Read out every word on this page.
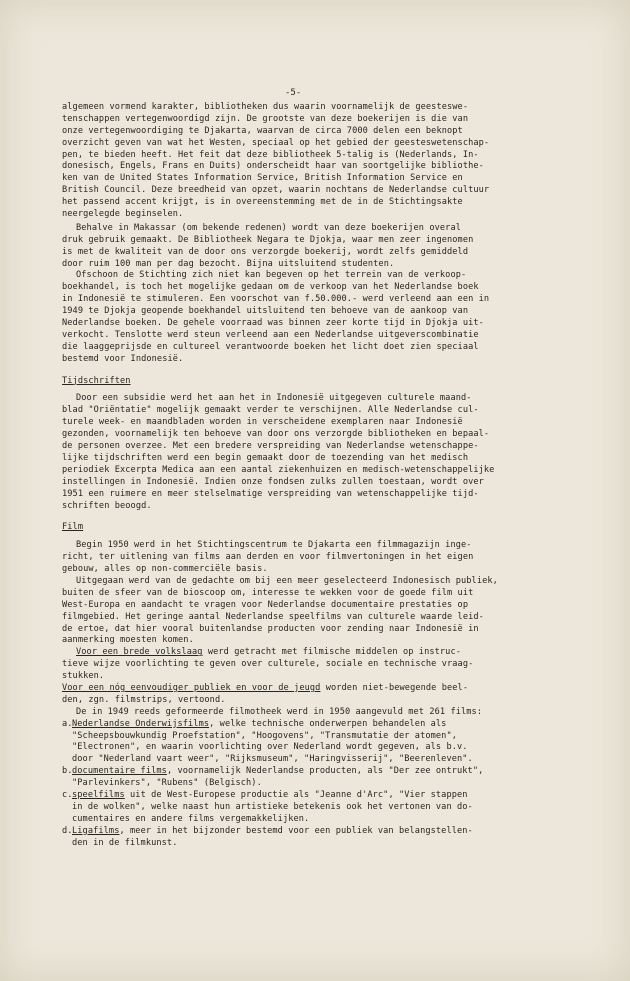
-5-
algemeen vormend karakter, bibliotheken dus waarin voornamelijk de geesteswe-
tenschappen vertegenwoordigd zijn. De grootste van deze boekerijen is die van
onze vertegenwoordiging te Djakarta, waarvan de circa 7000 delen een beknopt
overzicht geven van wat het Westen, speciaal op het gebied der geesteswetenschap-
pen, te bieden heeft. Het feit dat deze bibliotheek 5-talig is (Nederlands, In-
donesisch, Engels, Frans en Duits) onderscheidt haar van soortgelijke bibliothe-
ken van de United States Information Service, British Information Service en
British Council. Deze breedheid van opzet, waarin nochtans de Nederlandse cultuur
het passend accent krijgt, is in overeenstemming met de in de Stichtingsakte
neergelegde beginselen.
Behalve in Makassar (om bekende redenen) wordt van deze boekerijen overal
druk gebruik gemaakt. De Bibliotheek Negara te Djokja, waar men zeer ingenomen
is met de kwaliteit van de door ons verzorgde boekerij, wordt zelfs gemiddeld
door ruim 100 man per dag bezocht. Bijna uitsluitend studenten.
Ofschoon de Stichting zich niet kan begeven op het terrein van de verkoop-
boekhandel, is toch het mogelijke gedaan om de verkoop van het Nederlandse boek
in Indonesië te stimuleren. Een voorschot van f.50.000.- werd verleend aan een in
1949 te Djokja geopende boekhandel uitsluitend ten behoeve van de aankoop van
Nederlandse boeken. De gehele voorraad was binnen zeer korte tijd in Djokja uit-
verkocht. Tenslotte werd steun verleend aan een Nederlandse uitgeverscombinatie
die laaggeprijsde en cultureel verantwoorde boeken het licht doet zien speciaal
bestemd voor Indonesië.
Tijdschriften
Door een subsidie werd het aan het in Indonesië uitgegeven culturele maand-
blad "Oriëntatie" mogelijk gemaakt verder te verschijnen. Alle Nederlandse cul-
turele week- en maandbladen worden in verscheidene exemplaren naar Indonesië
gezonden, voornamelijk ten behoeve van door ons verzorgde bibliotheken en bepaal-
de personen overzee. Met een bredere verspreiding van Nederlandse wetenschappe-
lijke tijdschriften werd een begin gemaakt door de toezending van het medisch
periodiek Excerpta Medica aan een aantal ziekenhuizen en medisch-wetenschappelijke
instellingen in Indonesië. Indien onze fondsen zulks zullen toestaan, wordt over
1951 een ruimere en meer stelselmatige verspreiding van wetenschappelijke tijd-
schriften beoogd.
Film
Begin 1950 werd in het Stichtingscentrum te Djakarta een filmmagazijn inge-
richt, ter uitlening van films aan derden en voor filmvertoningen in het eigen
gebouw, alles op non-commerciële basis.
Uitgegaan werd van de gedachte om bij een meer geselecteerd Indonesisch publiek,
buiten de sfeer van de bioscoop om, interesse te wekken voor de goede film uit
West-Europa en aandacht te vragen voor Nederlandse documentaire prestaties op
filmgebied. Het geringe aantal Nederlandse speelfilms van culturele waarde leid-
de ertoe, dat hier vooral buitenlandse producten voor zending naar Indonesië in
aanmerking moesten komen.
Voor een brede volkslaag werd getracht met filmische middelen op instruc-
tieve wijze voorlichting te geven over culturele, sociale en technische vraag-
stukken.
Voor een nóg eenvoudiger publiek en voor de jeugd worden niet-bewegende beel-
den, zgn. filmstrips, vertoond.
De in 1949 reeds geformeerde filmotheek werd in 1950 aangevuld met 261 films:
a.Nederlandse Onderwijsfilms, welke technische onderwerpen behandelen als
"Scheepsbouwkundig Proefstation", "Hoogovens", "Transmutatie der atomen",
"Electronen", en waarin voorlichting over Nederland wordt gegeven, als b.v.
door "Nederland vaart weer", "Rijksmuseum", "Haringvisserij", "Beerenleven".
b.documentaire films, voornamelijk Nederlandse producten, als "Der zee ontrukt",
"Parlevinkers", "Rubens" (Belgisch).
c.speelfilms uit de West-Europese productie als "Jeanne d'Arc", "Vier stappen
in de wolken", welke naast hun artistieke betekenis ook het vertonen van do-
cumentaires en andere films vergemakkelijken.
d.Ligafilms, meer in het bijzonder bestemd voor een publiek van belangstellen-
den in de filmkunst.
